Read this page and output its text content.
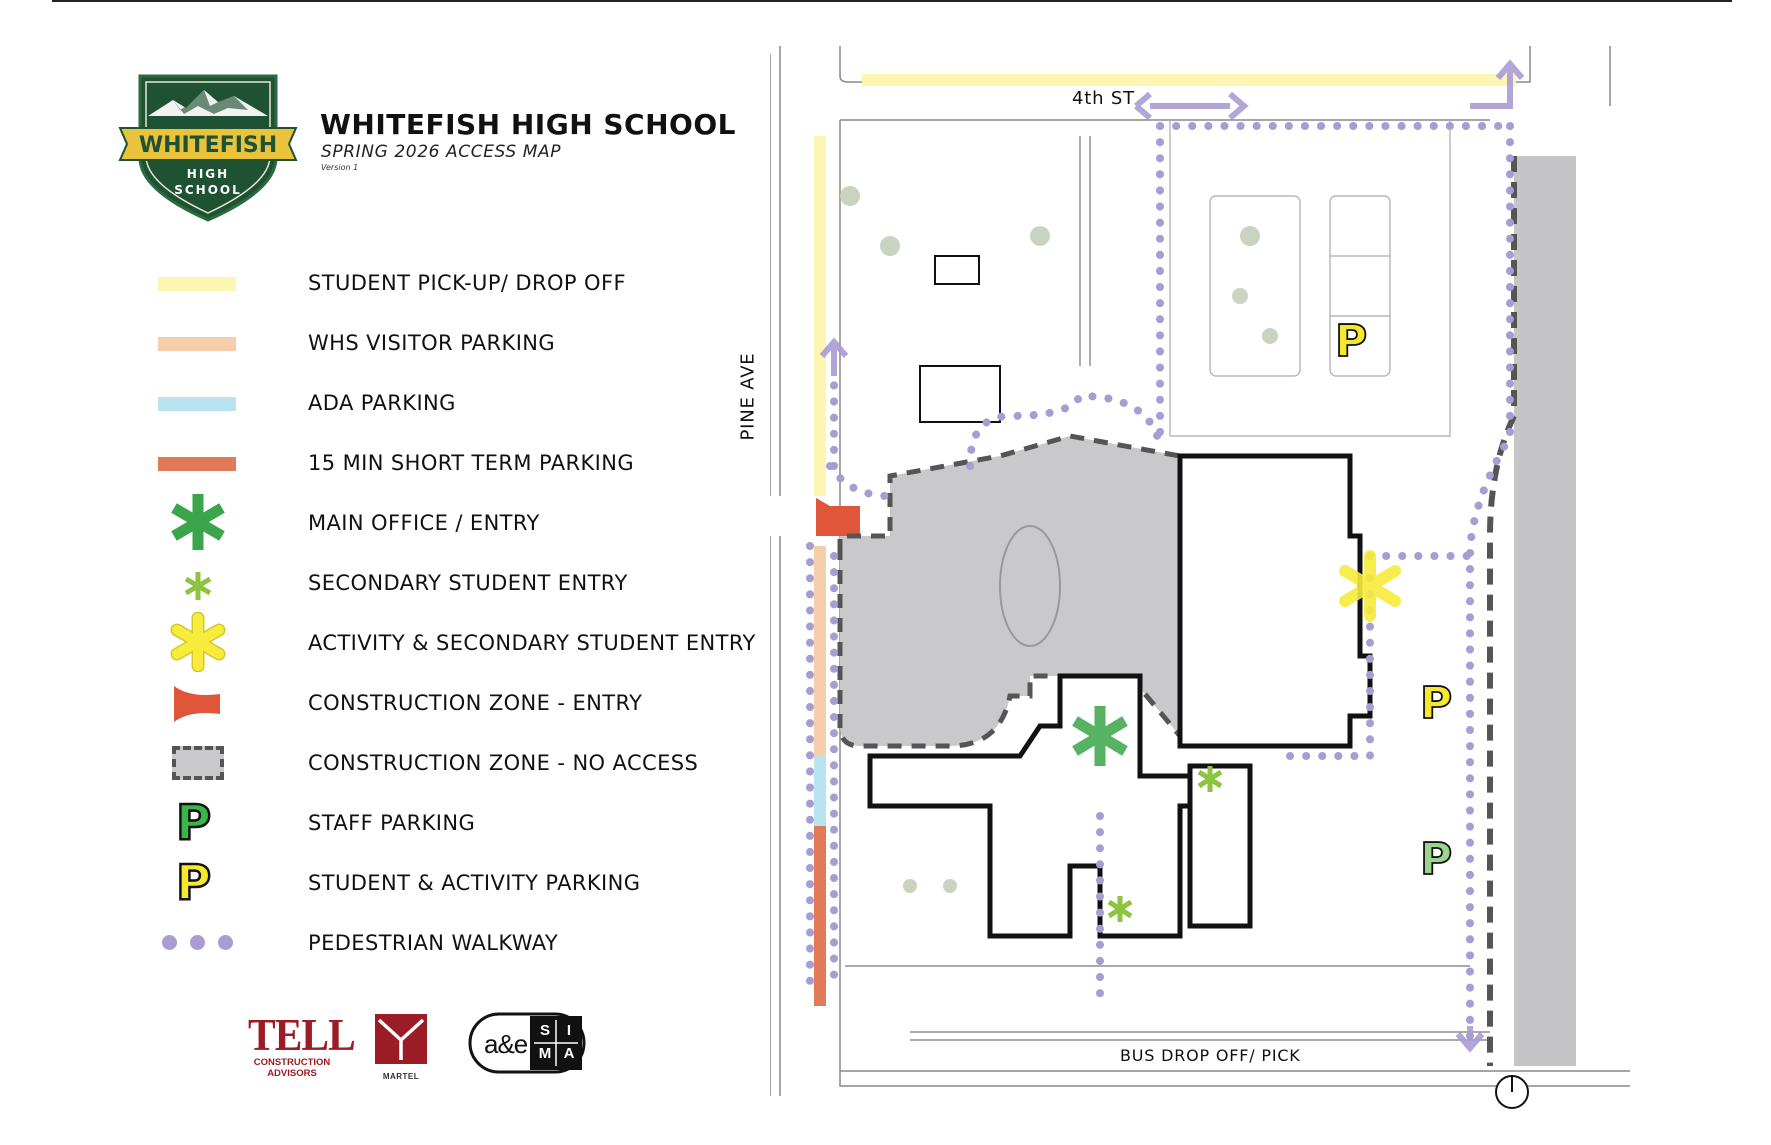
WHITEFISH
HIGH
SCHOOL
WHITEFISH HIGH SCHOOL
SPRING 2026 ACCESS MAP
Version 1
STUDENT PICK-UP/ DROP OFF
WHS VISITOR PARKING
ADA PARKING
15 MIN SHORT TERM PARKING
MAIN OFFICE / ENTRY
SECONDARY STUDENT ENTRY
ACTIVITY & SECONDARY STUDENT ENTRY
CONSTRUCTION ZONE - ENTRY
CONSTRUCTION ZONE - NO ACCESS
P	STAFF PARKING
P	STUDENT & ACTIVITY PARKING
PEDESTRIAN WALKWAY
TELL
CONSTRUCTION
ADVISORS	MARTEL
a&e S	I
M A
P
P
P
4th ST
PINE AVE
BUS DROP OFF/ PICK
